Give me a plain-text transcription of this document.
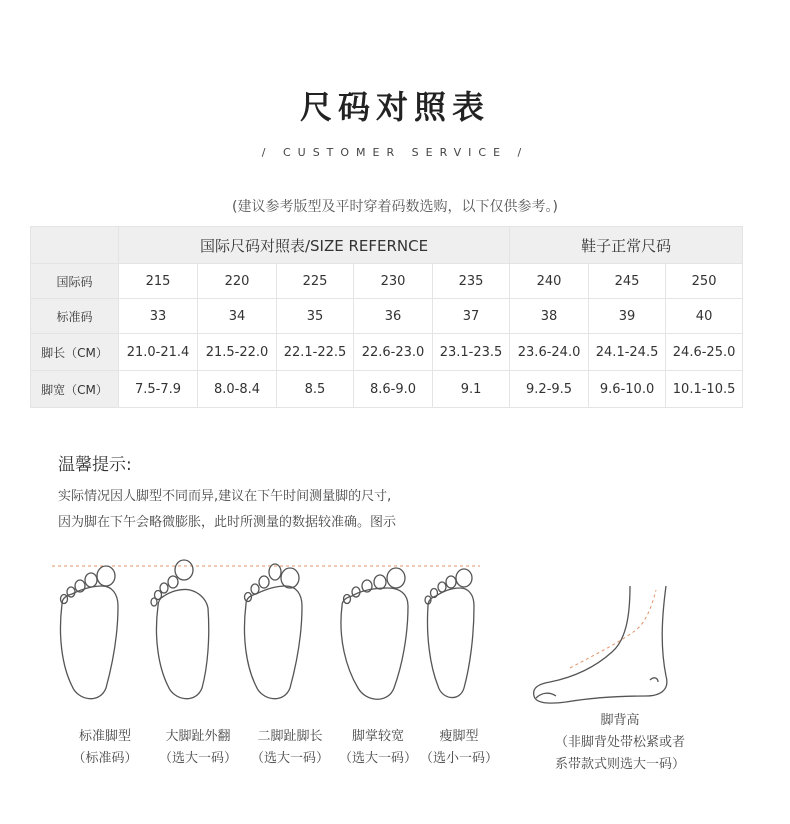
尺码对照表
/ CUSTOMER SERVICE /
(建议参考版型及平时穿着码数选购，以下仅供参考。)
	国际尺码对照表/SIZE REFERNCE					鞋子正常尺码		
国际码	215	220	225	230	235	240	245	250
标准码	33	34	35	36	37	38	39	40
脚长（CM）	21.0-21.4	21.5-22.0	22.1-22.5	22.6-23.0	23.1-23.5	23.6-24.0	24.1-24.5	24.6-25.0
脚宽（CM）	7.5-7.9	8.0-8.4	8.5	8.6-9.0	9.1	9.2-9.5	9.6-10.0	10.1-10.5
温馨提示:
实际情况因人脚型不同而异,建议在下午时间测量脚的尺寸,
因为脚在下午会略微膨胀，此时所测量的数据较准确。图示
标准脚型
（标准码）
大脚趾外翻
（选大一码）
二脚趾脚长
（选大一码）
脚掌较宽
（选大一码）
瘦脚型
（选小一码）
脚背高
（非脚背处带松紧或者
系带款式则选大一码）
